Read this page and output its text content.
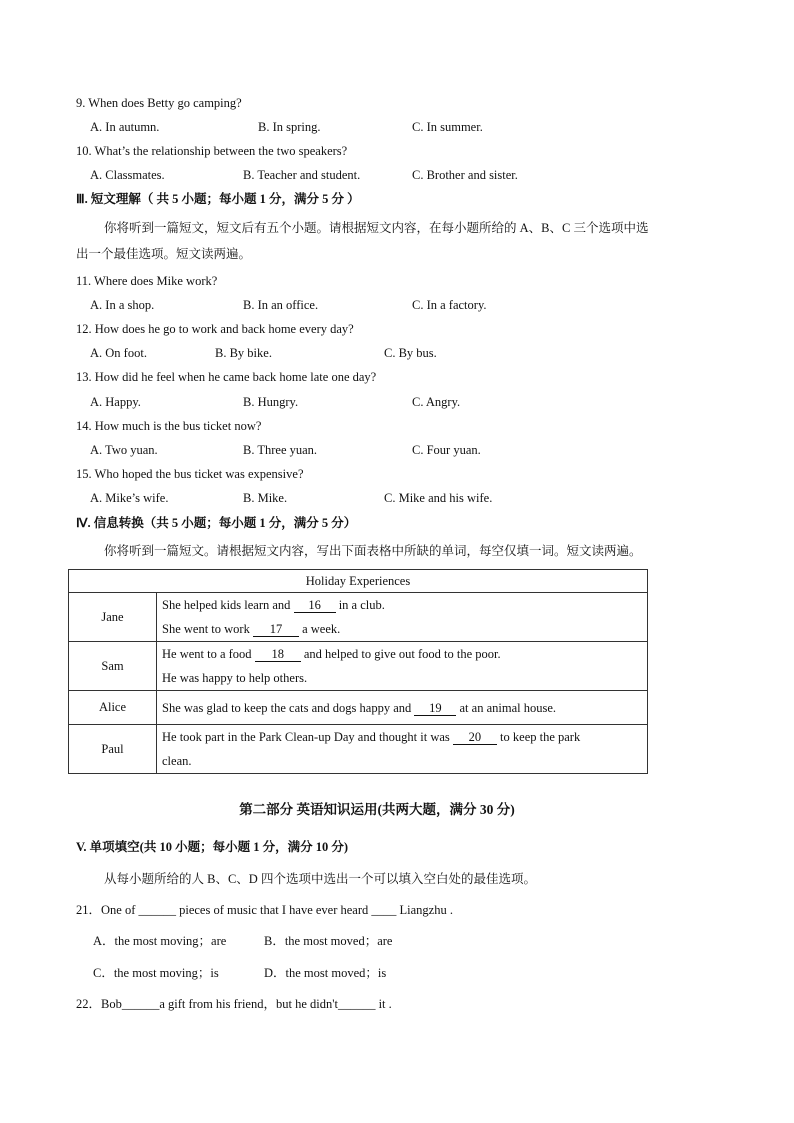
9. When does Betty go camping?
A. In autumn.	B. In spring.	C. In summer.
10. What’s the relationship between the two speakers?
A. Classmates.	B. Teacher and student.	C. Brother and sister.
Ⅲ. 短文理解（ 共 5 小题；每小题 1 分，满分 5 分 ）
你将听到一篇短文，短文后有五个小题。请根据短文内容，在每小题所给的 A、B、C 三个选项中选
出一个最佳选项。短文读两遍。
11. Where does Mike work?
A. In a shop.	B. In an office.	C. In a factory.
12. How does he go to work and back home every day?
A. On foot.	B. By bike.	C. By bus.
13. How did he feel when he came back home late one day?
A. Happy.	B. Hungry.	C. Angry.
14. How much is the bus ticket now?
A. Two yuan.	B. Three yuan.	C. Four yuan.
15. Who hoped the bus ticket was expensive?
A. Mike’s wife.	B. Mike.	C. Mike and his wife.
Ⅳ. 信息转换（共 5 小题；每小题 1 分，满分 5 分）
你将听到一篇短文。请根据短文内容，写出下面表格中所缺的单词，每空仅填一词。短文读两遍。
Holiday Experiences	
Jane	She helped kids learn and 16 in a club.
She went to work 17 a week.

Sam	He went to a food 18 and helped to give out food to the poor.
He was happy to help others.

Alice	She was glad to keep the cats and dogs happy and 19 at an animal house.

Paul	He took part in the Park Clean-up Day and thought it was 20 to keep the park
clean.
第二部分 英语知识运用(共两大题，满分 30 分)
V. 单项填空(共 10 小题；每小题 1 分，满分 10 分)
从每小题所给的人 B、C、D 四个选项中选出一个可以填入空白处的最佳选项。
21．One of ______ pieces of music that I have ever heard ____ Liangzhu .
A．the most moving；are	B．the most moved；are
C．the most moving；is	D．the most moved；is
22．Bob______a gift from his friend，but he didn't______ it .
